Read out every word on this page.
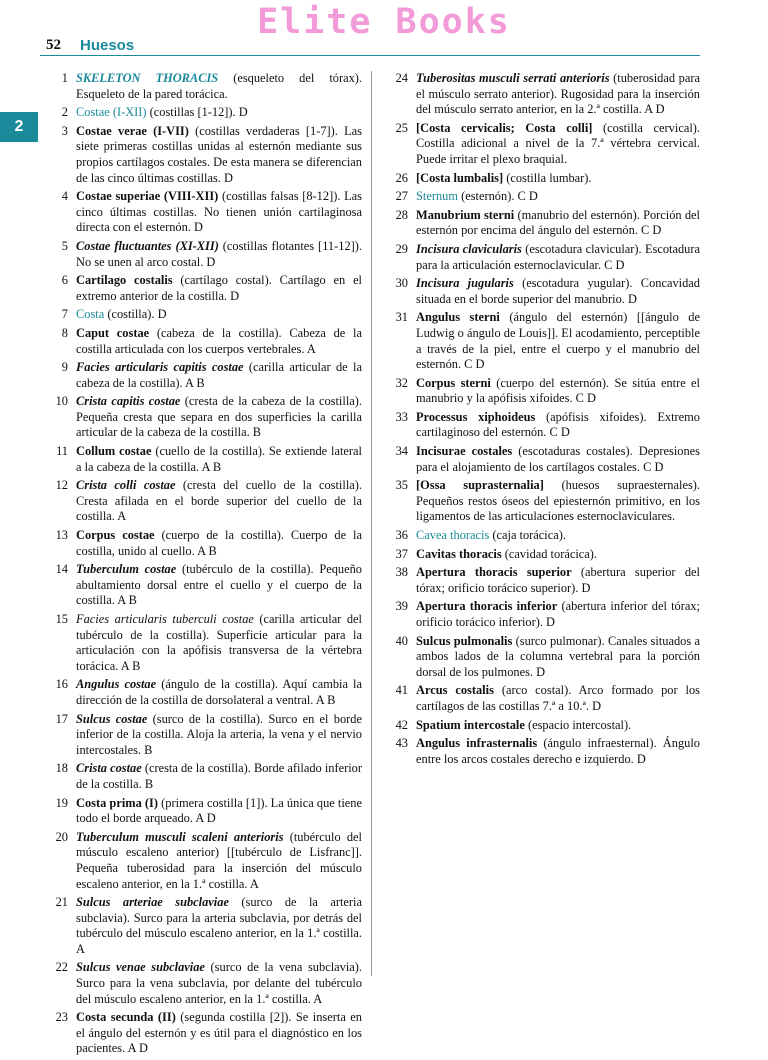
Elite Books
52 Huesos
2
1 SKELETON THORACIS (esqueleto del tórax). Esqueleto de la pared torácica.
2 Costae (I-XII) (costillas [1-12]). D
3 Costae verae (I-VII) (costillas verdaderas [1-7]). Las siete primeras costillas unidas al esternón mediante sus propios cartílagos costales. De esta manera se diferencian de las cinco últimas costillas. D
4 Costae superiae (VIII-XII) (costillas falsas [8-12]). Las cinco últimas costillas. No tienen unión cartilaginosa directa con el esternón. D
5 Costae fluctuantes (XI-XII) (costillas flotantes [11-12]). No se unen al arco costal. D
6 Cartilago costalis (cartílago costal). Cartílago en el extremo anterior de la costilla. D
7 Costa (costilla). D
8 Caput costae (cabeza de la costilla). Cabeza de la costilla articulada con los cuerpos vertebrales. A
9 Facies articularis capitis costae (carilla articular de la cabeza de la costilla). A B
10 Crista capitis costae (cresta de la cabeza de la costilla). Pequeña cresta que separa en dos superficies la carilla articular de la cabeza de la costilla. B
11 Collum costae (cuello de la costilla). Se extiende lateral a la cabeza de la costilla. A B
12 Crista colli costae (cresta del cuello de la costilla). Cresta afilada en el borde superior del cuello de la costilla. A
13 Corpus costae (cuerpo de la costilla). Cuerpo de la costilla, unido al cuello. A B
14 Tuberculum costae (tubérculo de la costilla). Pequeño abultamiento dorsal entre el cuello y el cuerpo de la costilla. A B
15 Facies articularis tuberculi costae (carilla articular del tubérculo de la costilla). Superficie articular para la articulación con la apófisis transversa de la vértebra torácica. A B
16 Angulus costae (ángulo de la costilla). Aquí cambia la dirección de la costilla de dorsolateral a ventral. A B
17 Sulcus costae (surco de la costilla). Surco en el borde inferior de la costilla. Aloja la arteria, la vena y el nervio intercostales. B
18 Crista costae (cresta de la costilla). Borde afilado inferior de la costilla. B
19 Costa prima (I) (primera costilla [1]). La única que tiene todo el borde arqueado. A D
20 Tuberculum musculi scaleni anterioris (tubérculo del músculo escaleno anterior) [[tubérculo de Lisfranc]]. Pequeña tuberosidad para la inserción del músculo escaleno anterior, en la 1.ª costilla. A
21 Sulcus arteriae subclaviae (surco de la arteria subclavia). Surco para la arteria subclavia, por detrás del tubérculo del músculo escaleno anterior, en la 1.ª costilla. A
22 Sulcus venae subclaviae (surco de la vena subclavia). Surco para la vena subclavia, por delante del tubérculo del músculo escaleno anterior, en la 1.ª costilla. A
23 Costa secunda (II) (segunda costilla [2]). Se inserta en el ángulo del esternón y es útil para el diagnóstico en los pacientes. A D
24 Tuberositas musculi serrati anterioris (tuberosidad para el músculo serrato anterior). Rugosidad para la inserción del músculo serrato anterior, en la 2.ª costilla. A D
25 [Costa cervicalis; Costa colli] (costilla cervical). Costilla adicional a nivel de la 7.ª vértebra cervical. Puede irritar el plexo braquial.
26 [Costa lumbalis] (costilla lumbar).
27 Sternum (esternón). C D
28 Manubrium sterni (manubrio del esternón). Porción del esternón por encima del ángulo del esternón. C D
29 Incisura clavicularis (escotadura clavicular). Escotadura para la articulación esternoclavicular. C D
30 Incisura jugularis (escotadura yugular). Concavidad situada en el borde superior del manubrio. D
31 Angulus sterni (ángulo del esternón) [[ángulo de Ludwig o ángulo de Louis]]. El acodamiento, perceptible a través de la piel, entre el cuerpo y el manubrio del esternón. C D
32 Corpus sterni (cuerpo del esternón). Se sitúa entre el manubrio y la apófisis xifoides. C D
33 Processus xiphoideus (apófisis xifoides). Extremo cartilaginoso del esternón. C D
34 Incisurae costales (escotaduras costales). Depresiones para el alojamiento de los cartílagos costales. C D
35 [Ossa suprasternalia] (huesos supraesternales). Pequeños restos óseos del epiesternón primitivo, en los ligamentos de las articulaciones esternoclaviculares.
36 Cavea thoracis (caja torácica).
37 Cavitas thoracis (cavidad torácica).
38 Apertura thoracis superior (abertura superior del tórax; orificio torácico superior). D
39 Apertura thoracis inferior (abertura inferior del tórax; orificio torácico inferior). D
40 Sulcus pulmonalis (surco pulmonar). Canales situados a ambos lados de la columna vertebral para la porción dorsal de los pulmones. D
41 Arcus costalis (arco costal). Arco formado por los cartílagos de las costillas 7.ª a 10.ª. D
42 Spatium intercostale (espacio intercostal).
43 Angulus infrasternalis (ángulo infraesternal). Ángulo entre los arcos costales derecho e izquierdo. D
